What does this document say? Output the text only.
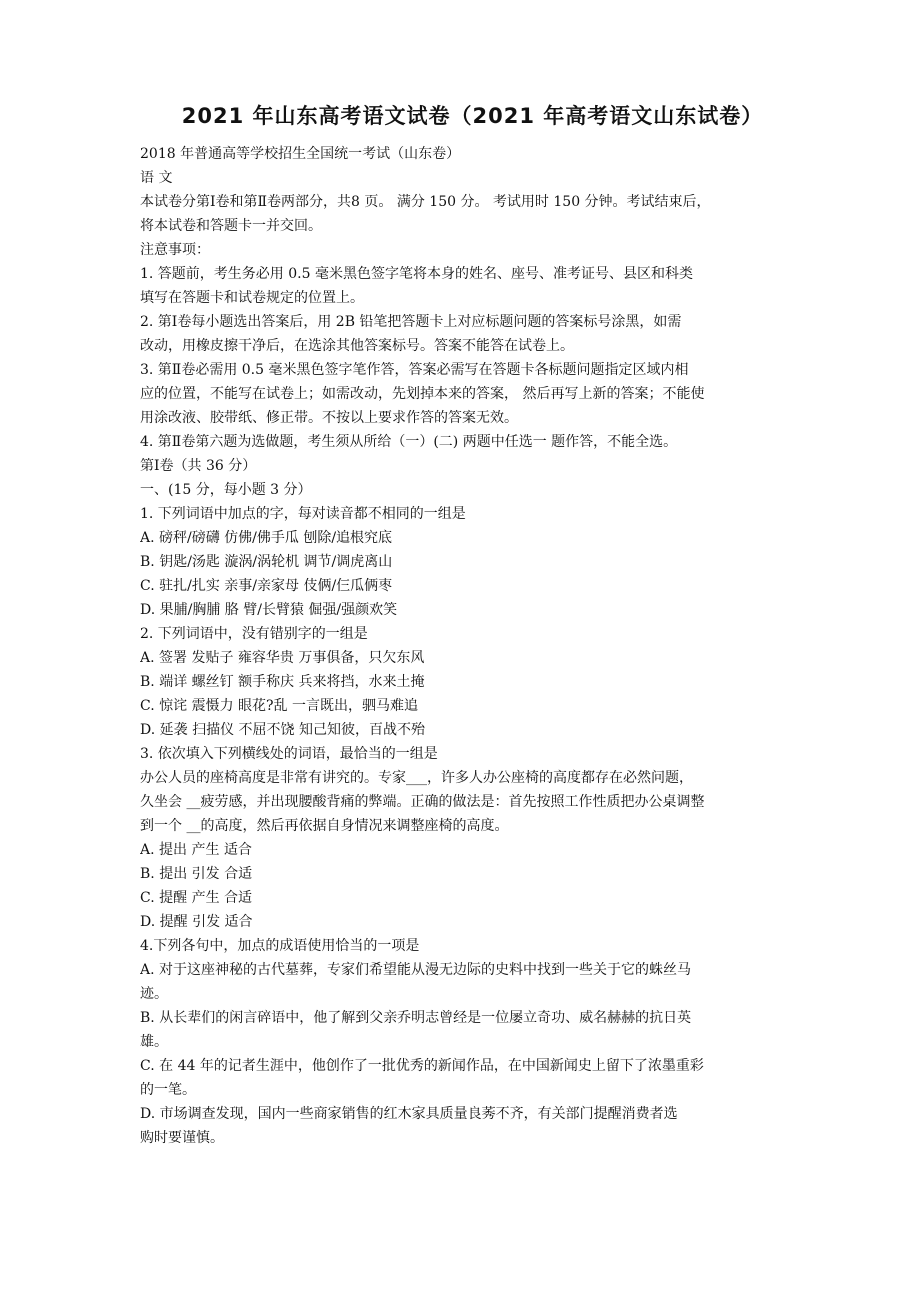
2021 年山东高考语文试卷（2021 年高考语文山东试卷）

2018 年普通高等学校招生全国统一考试（山东卷）

语 文

本试卷分第Ⅰ卷和第Ⅱ卷两部分，共8 页。 满分 150 分。 考试用时 150 分钟。考试结束后，

将本试卷和答题卡一并交回。

注意事项：

1. 答题前，考生务必用 0.5 毫米黑色签字笔将本身的姓名、座号、准考证号、县区和科类

填写在答题卡和试卷规定的位置上。

2. 第Ⅰ卷每小题选出答案后，用 2B 铅笔把答题卡上对应标题问题的答案标号涂黑，如需

改动，用橡皮擦干净后，在选涂其他答案标号。答案不能答在试卷上。

3. 第Ⅱ卷必需用 0.5 毫米黑色签字笔作答，答案必需写在答题卡各标题问题指定区域内相

应的位置，不能写在试卷上；如需改动，先划掉本来的答案， 然后再写上新的答案；不能使

用涂改液、胶带纸、修正带。不按以上要求作答的答案无效。

4. 第Ⅱ卷第六题为选做题，考生须从所给（一）(二) 两题中任选一 题作答，不能全选。

第Ⅰ卷（共 36 分）

一、(15 分，每小题 3 分）

1. 下列词语中加点的字，每对读音都不相同的一组是

A. 磅秤/磅礴 仿佛/佛手瓜 刨除/追根究底

B. 钥匙/汤匙 漩涡/涡轮机 调节/调虎离山

C. 驻扎/扎实 亲事/亲家母 伎俩/仨瓜俩枣

D. 果脯/胸脯 胳 臂/长臂猿 倔强/强颜欢笑

2. 下列词语中，没有错别字的一组是

A. 签署 发贴子 雍容华贵 万事俱备，只欠东风

B. 端详 螺丝钉 额手称庆 兵来将挡，水来土掩

C. 惊诧 震慑力 眼花?乱 一言既出，驷马难追

D. 延袭 扫描仪 不屈不饶 知己知彼，百战不殆

3. 依次填入下列横线处的词语，最恰当的一组是

办公人员的座椅高度是非常有讲究的。专家___，许多人办公座椅的高度都存在必然问题，

久坐会 __疲劳感，并出现腰酸背痛的弊端。正确的做法是：首先按照工作性质把办公桌调整

到一个 __的高度，然后再依据自身情况来调整座椅的高度。

A. 提出 产生 适合

B. 提出 引发 合适

C. 提醒 产生 合适

D. 提醒 引发 适合

4.下列各句中，加点的成语使用恰当的一项是

A. 对于这座神秘的古代墓葬，专家们希望能从漫无边际的史料中找到一些关于它的蛛丝马

迹。

B. 从长辈们的闲言碎语中，他了解到父亲乔明志曾经是一位屡立奇功、威名赫赫的抗日英

雄。

C. 在 44 年的记者生涯中，他创作了一批优秀的新闻作品，在中国新闻史上留下了浓墨重彩

的一笔。

D. 市场调查发现，国内一些商家销售的红木家具质量良莠不齐，有关部门提醒消费者选

购时要谨慎。
